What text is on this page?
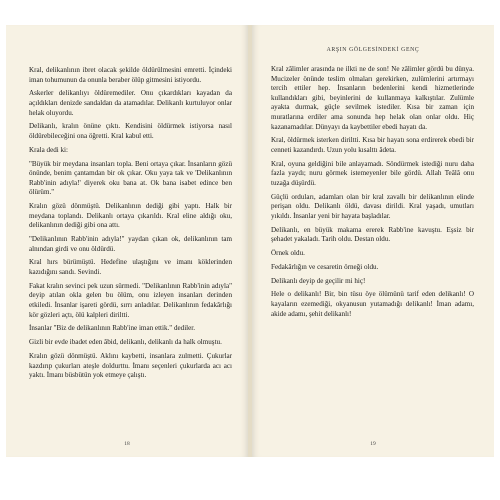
Kral, delikanlının ibret olacak şekilde öldürülmesini emretti. İçindeki iman tohumunun da onunla beraber ölüp gitmesini istiyordu.

Askerler delikanlıyı öldüremediler. Onu çıkardıkları kayadan da açıldıkları denizde sandaldan da atamadılar. Delikanlı kurtuluyor onlar helak oluyordu.

Delikanlı, kralın önüne çıktı. Kendisini öldürmek istiyorsa nasıl öldürebileceğini ona öğretti. Kral kabul etti.

Krala dedi ki:

"Büyük bir meydana insanları topla. Beni ortaya çıkar. İnsanların gözü önünde, benim çantamdan bir ok çıkar. Oku yaya tak ve 'Delikanlının Rabb'inin adıyla!' diyerek oku bana at. Ok bana isabet edince ben ölürüm."

Kralın gözü dönmüştü. Delikanlının dediği gibi yaptı. Halk bir meydana toplandı. Delikanlı ortaya çıkarıldı. Kral eline aldığı oku, delikanlının dediği gibi ona attı.

"Delikanlının Rabb'inin adıyla!" yaydan çıkan ok, delikanlının tam alnından girdi ve onu öldürdü.

Kral hırs bürümüştü. Hedefine ulaştığını ve imanı köklerinden kazıdığını sandı. Sevindi.

Fakat kralın sevinci pek uzun sürmedi. "Delikanlının Rabb'inin adıyla" deyip atılan okla gelen bu ölüm, onu izleyen insanları derinden etkiledi. İnsanlar işareti gördü, sırrı anladılar. Delikanlının fedakârlığı kör gözleri açtı, ölü kalpleri diriltti.

İnsanlar "Biz de delikanlının Rabb'ine iman ettik." dediler.

Gizli bir evde ibadet eden âbid, delikanlı, delikanlı da halk olmuştu.

Kralın gözü dönmüştü. Aklını kaybetti, insanlara zulmetti. Çukurlar kazdırıp çukurları ateşle doldurttu. İmanı seçenleri çukurlarda acı acı yaktı. İmanı büsbütün yok etmeye çalıştı.

18
ARŞIN GÖLGESİNDEKİ GENÇ

Kral zâlimler arasında ne ilkti ne de son! Ne zâlimler gördü bu dünya. Mucizeler önünde teslim olmaları gerekirken, zulümlerini artırmayı tercih ettiler hep. İnsanların bedenlerini kendi hizmetlerinde kullandıkları gibi, beyinlerini de kullanmaya kalkıştılar. Zulümle ayakta durmak, güçle sevilmek istediler. Kısa bir zaman için muratlarına erdiler ama sonunda hep helak olan onlar oldu. Hiç kazanamadılar. Dünyayı da kaybettiler ebedi hayatı da.

Kral, öldürmek isterken diriltti. Kısa bir hayatı sona erdirerek ebedi bir cenneti kazandırdı. Uzun yolu kısalttı âdeta.

Kral, oyuna geldiğini bile anlayamadı. Söndürmek istediği nuru daha fazla yaydı; nuru görmek istemeyenler bile gördü. Allah Teâlâ onu tuzağa düşürdü.

Güçlü orduları, adamları olan bir kral zavallı bir delikanlının elinde perişan oldu. Delikanlı öldü, davası dirildi. Kral yaşadı, umutları yıkıldı. İnsanlar yeni bir hayata başladılar.

Delikanlı, en büyük makama ererek Rabb'ine kavuştu. Eşsiz bir şehadet yakaladı. Tarih oldu. Destan oldu.

Örnek oldu.

Fedakârlığın ve cesaretin örneği oldu.

Delikanlı deyip de geçilir mi hiç!

Hele o delikanlı! Bir, bin tüsu öye ölümünü tarif eden delikanlı! O kayaların ezemediği, okyanusun yutamadığı delikanlı! İman adamı, akide adamı, şehit delikanlı!

19
